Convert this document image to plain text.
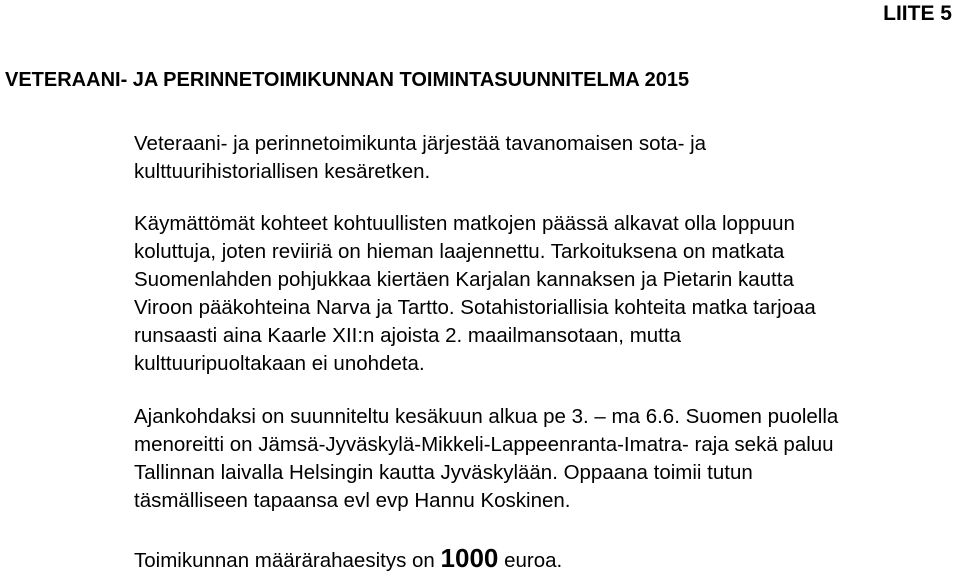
LIITE 5
VETERAANI- JA PERINNETOIMIKUNNAN TOIMINTASUUNNITELMA 2015
Veteraani- ja perinnetoimikunta järjestää tavanomaisen sota- ja
kulttuurihistoriallisen kesäretken.
Käymättömät kohteet kohtuullisten matkojen päässä alkavat olla loppuun
koluttuja, joten reviiriä on hieman laajennettu. Tarkoituksena on matkata
Suomenlahden pohjukkaa kiertäen Karjalan kannaksen ja Pietarin kautta
Viroon pääkohteina Narva ja Tartto. Sotahistoriallisia kohteita matka tarjoaa
runsaasti aina Kaarle XII:n ajoista 2. maailmansotaan, mutta
kulttuuripuoltakaan ei unohdeta.
Ajankohdaksi on suunniteltu kesäkuun alkua pe 3. – ma 6.6. Suomen puolella
menoreitti on Jämsä-Jyväskylä-Mikkeli-Lappeenranta-Imatra- raja sekä paluu
Tallinnan laivalla Helsingin kautta Jyväskylään. Oppaana toimii tutun
täsmälliseen tapaansa evl evp Hannu Koskinen.
Toimikunnan määrärahaesitys on 1000 euroa.
